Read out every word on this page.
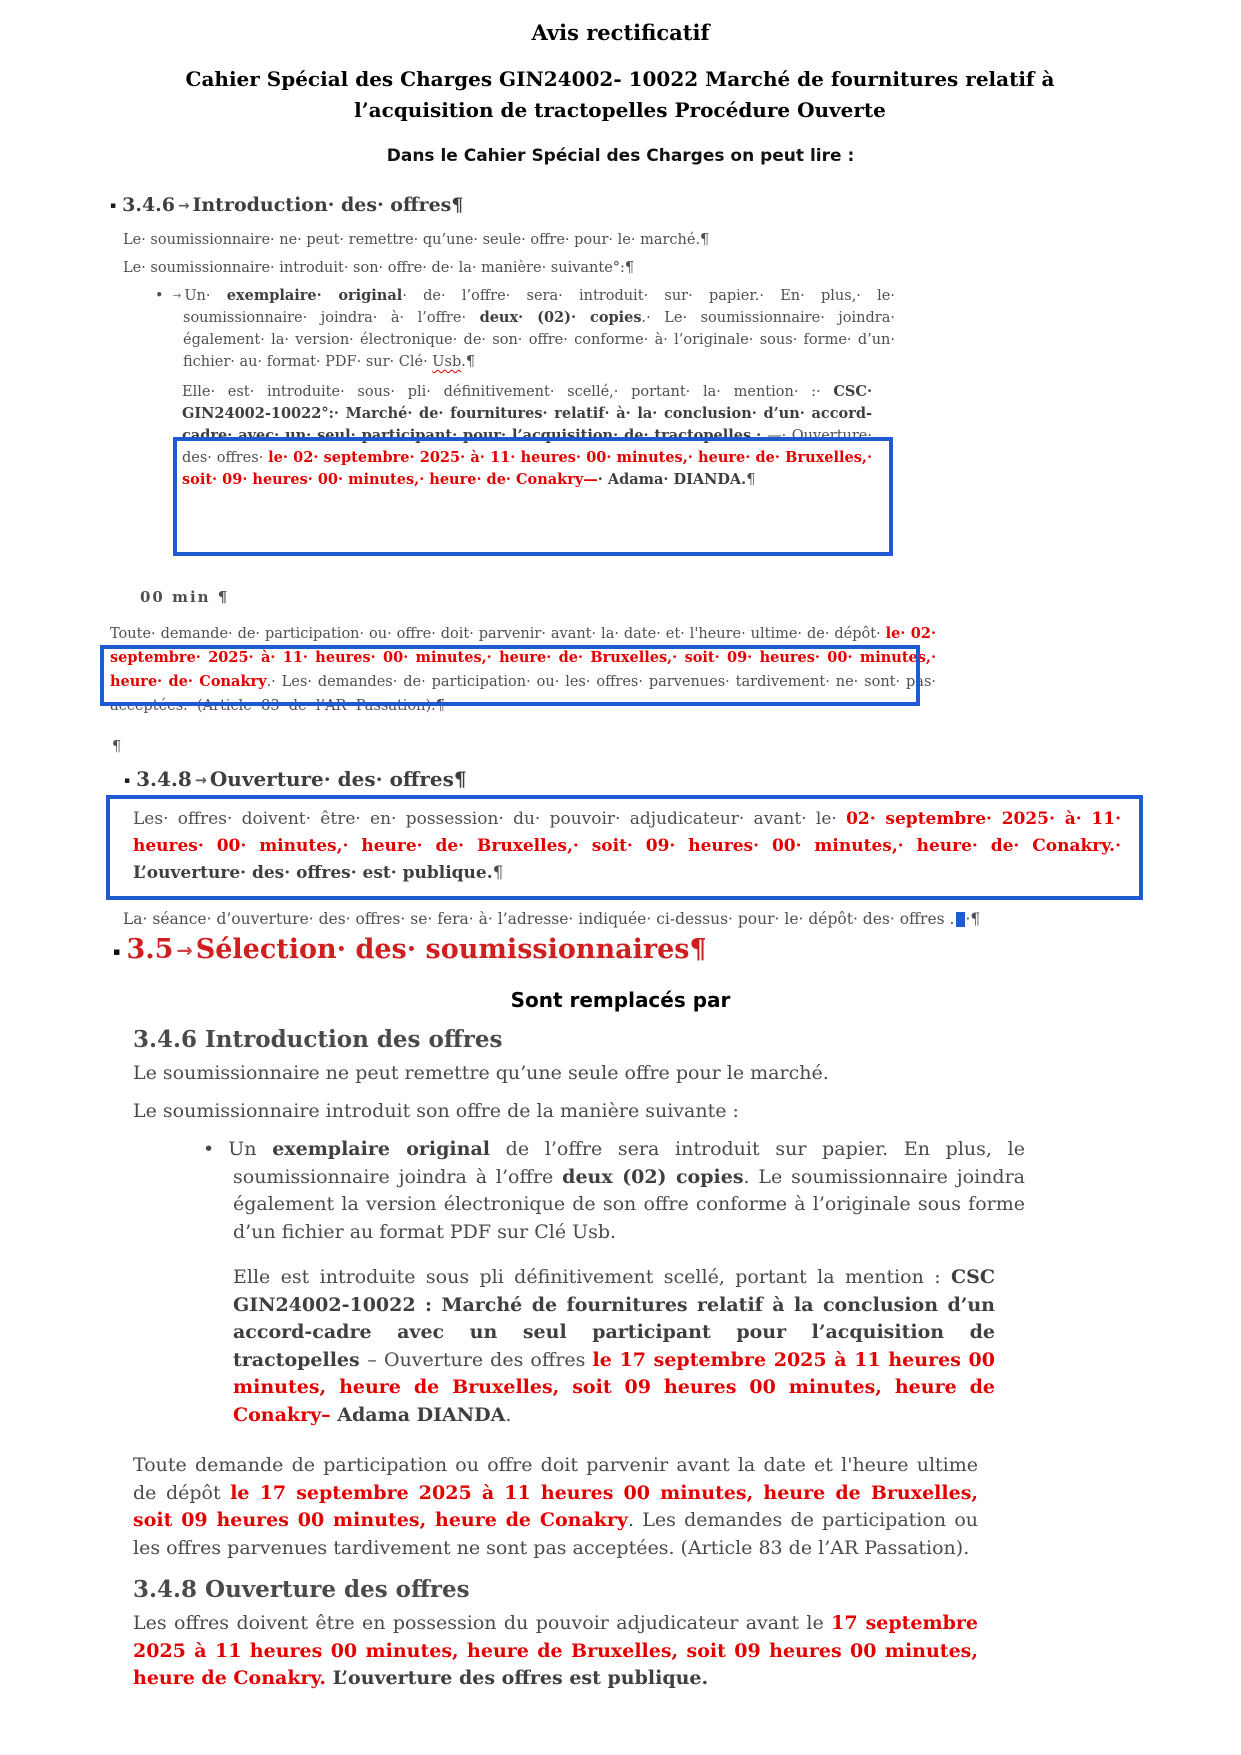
Avis rectificatif
Cahier Spécial des Charges GIN24002- 10022 Marché de fournitures relatif à
l’acquisition de tractopelles Procédure Ouverte
Dans le Cahier Spécial des Charges on peut lire :
▪ 3.4.6 → Introduction· des· offres¶
Le· soumissionnaire· ne· peut· remettre· qu’une· seule· offre· pour· le· marché.¶
Le· soumissionnaire· introduit· son· offre· de· la· manière· suivante°:¶
• → Un· exemplaire· original· de· l’offre· sera· introduit· sur· papier.· En· plus,· le· soumissionnaire· joindra· à· l’offre· deux· (02)· copies.· Le· soumissionnaire· joindra· également· la· version· électronique· de· son· offre· conforme· à· l’originale· sous· forme· d’un· fichier· au· format· PDF· sur· Clé· Usb.¶
Elle· est· introduite· sous· pli· définitivement· scellé,· portant· la· mention· :· CSC· GIN24002-10022°:· Marché· de· fournitures· relatif· à· la· conclusion· d’un· accord-cadre· avec· un· seul· participant· pour· l’acquisition· de· tractopelles.· —· Ouverture· des· offres· le· 02· septembre· 2025· à· 11· heures· 00· minutes,· heure· de· Bruxelles,· soit· 09· heures· 00· minutes,· heure· de· Conakry—· Adama· DIANDA.¶
00 min ¶
Toute· demande· de· participation· ou· offre· doit· parvenir· avant· la· date· et· l'heure· ultime· de· dépôt· le· 02· septembre· 2025· à· 11· heures· 00· minutes,· heure· de· Bruxelles,· soit· 09· heures· 00· minutes,· heure· de· Conakry.· Les· demandes· de· participation· ou· les· offres· parvenues· tardivement· ne· sont· pas· acceptées.· (Article· 83· de· l’AR· Passation).¶
¶
▪ 3.4.8 → Ouverture· des· offres¶
Les· offres· doivent· être· en· possession· du· pouvoir· adjudicateur· avant· le· 02· septembre· 2025· à· 11· heures· 00· minutes,· heure· de· Bruxelles,· soit· 09· heures· 00· minutes,· heure· de· Conakry.· L’ouverture· des· offres· est· publique.¶
La· séance· d’ouverture· des· offres· se· fera· à· l’adresse· indiquée· ci-dessus· pour· le· dépôt· des· offres . ·¶
▪ 3.5 → Sélection· des· soumissionnaires¶
Sont remplacés par
3.4.6 Introduction des offres
Le soumissionnaire ne peut remettre qu’une seule offre pour le marché.
Le soumissionnaire introduit son offre de la manière suivante :
• Un exemplaire original de l’offre sera introduit sur papier. En plus, le soumissionnaire joindra à l’offre deux (02) copies. Le soumissionnaire joindra également la version électronique de son offre conforme à l’originale sous forme d’un fichier au format PDF sur Clé Usb.
Elle est introduite sous pli définitivement scellé, portant la mention : CSC GIN24002-10022 : Marché de fournitures relatif à la conclusion d’un accord-cadre avec un seul participant pour l’acquisition de tractopelles – Ouverture des offres le 17 septembre 2025 à 11 heures 00 minutes, heure de Bruxelles, soit 09 heures 00 minutes, heure de Conakry– Adama DIANDA.
Toute demande de participation ou offre doit parvenir avant la date et l'heure ultime de dépôt le 17 septembre 2025 à 11 heures 00 minutes, heure de Bruxelles, soit 09 heures 00 minutes, heure de Conakry. Les demandes de participation ou les offres parvenues tardivement ne sont pas acceptées. (Article 83 de l’AR Passation).
3.4.8 Ouverture des offres
Les offres doivent être en possession du pouvoir adjudicateur avant le 17 septembre 2025 à 11 heures 00 minutes, heure de Bruxelles, soit 09 heures 00 minutes, heure de Conakry. L’ouverture des offres est publique.
